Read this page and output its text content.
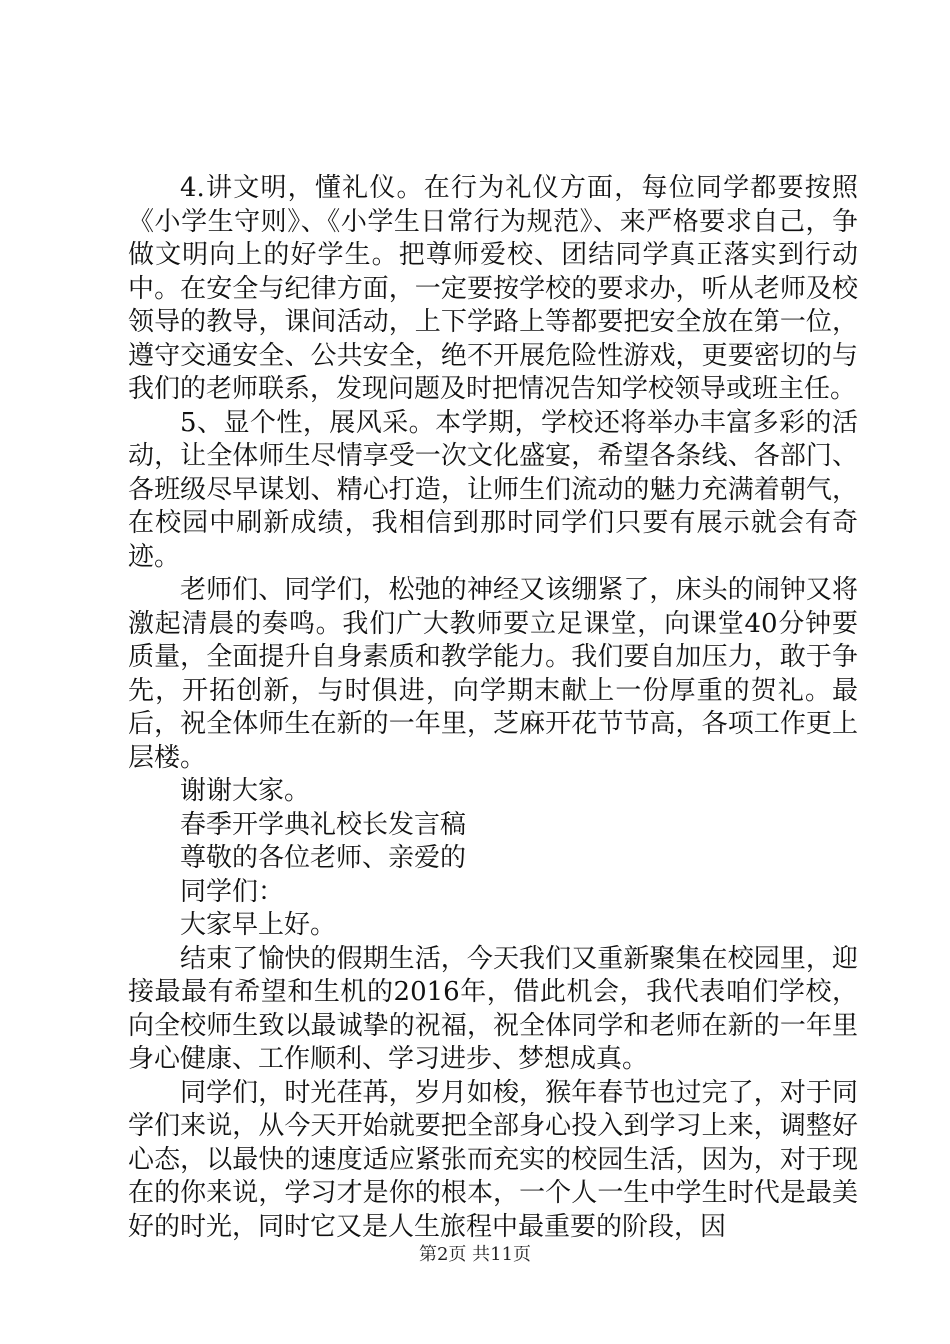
4.讲文明，懂礼仪。在行为礼仪方面，每位同学都要按照《小学生守则》、《小学生日常行为规范》、来严格要求自己，争做文明向上的好学生。把尊师爱校、团结同学真正落实到行动中。在安全与纪律方面，一定要按学校的要求办，听从老师及校领导的教导，课间活动，上下学路上等都要把安全放在第一位，遵守交通安全、公共安全，绝不开展危险性游戏，更要密切的与我们的老师联系，发现问题及时把情况告知学校领导或班主任。

5、显个性，展风采。本学期，学校还将举办丰富多彩的活动，让全体师生尽情享受一次文化盛宴，希望各条线、各部门、各班级尽早谋划、精心打造，让师生们流动的魅力充满着朝气，在校园中刷新成绩，我相信到那时同学们只要有展示就会有奇迹。

老师们、同学们，松弛的神经又该绷紧了，床头的闹钟又将激起清晨的奏鸣。我们广大教师要立足课堂，向课堂40分钟要质量，全面提升自身素质和教学能力。我们要自加压力，敢于争先，开拓创新，与时俱进，向学期末献上一份厚重的贺礼。最后，祝全体师生在新的一年里，芝麻开花节节高，各项工作更上层楼。

谢谢大家。

春季开学典礼校长发言稿

尊敬的各位老师、亲爱的

同学们：

大家早上好。

结束了愉快的假期生活，今天我们又重新聚集在校园里，迎接最最有希望和生机的2016年，借此机会，我代表咱们学校，向全校师生致以最诚挚的祝福，祝全体同学和老师在新的一年里身心健康、工作顺利、学习进步、梦想成真。

同学们，时光荏苒，岁月如梭，猴年春节也过完了，对于同学们来说，从今天开始就要把全部身心投入到学习上来，调整好心态，以最快的速度适应紧张而充实的校园生活，因为，对于现在的你来说，学习才是你的根本，一个人一生中学生时代是最美好的时光，同时它又是人生旅程中最重要的阶段，因

第2页 共11页
